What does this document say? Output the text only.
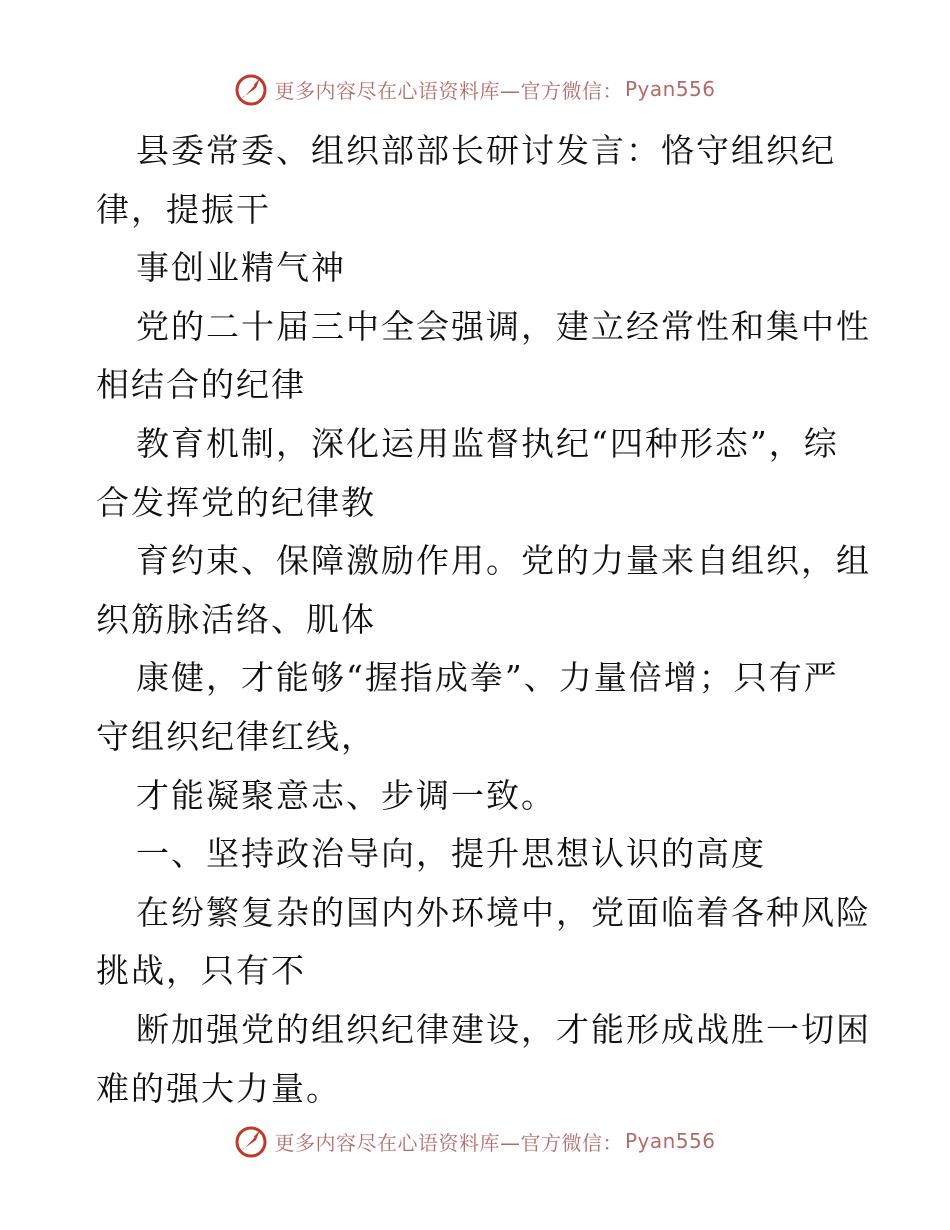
更多内容尽在心语资料库—官方微信： Pyan556
县委常委、组织部部长研讨发言：恪守组织纪
律，提振干
事创业精气神
党的二十届三中全会强调，建立经常性和集中性
相结合的纪律
教育机制，深化运用监督执纪“四种形态”，综
合发挥党的纪律教
育约束、保障激励作用。党的力量来自组织，组
织筋脉活络、肌体
康健，才能够“握指成拳”、力量倍增；只有严
守组织纪律红线，
才能凝聚意志、步调一致。
一、坚持政治导向，提升思想认识的高度
在纷繁复杂的国内外环境中，党面临着各种风险
挑战，只有不
断加强党的组织纪律建设，才能形成战胜一切困
难的强大力量。
更多内容尽在心语资料库—官方微信： Pyan556
